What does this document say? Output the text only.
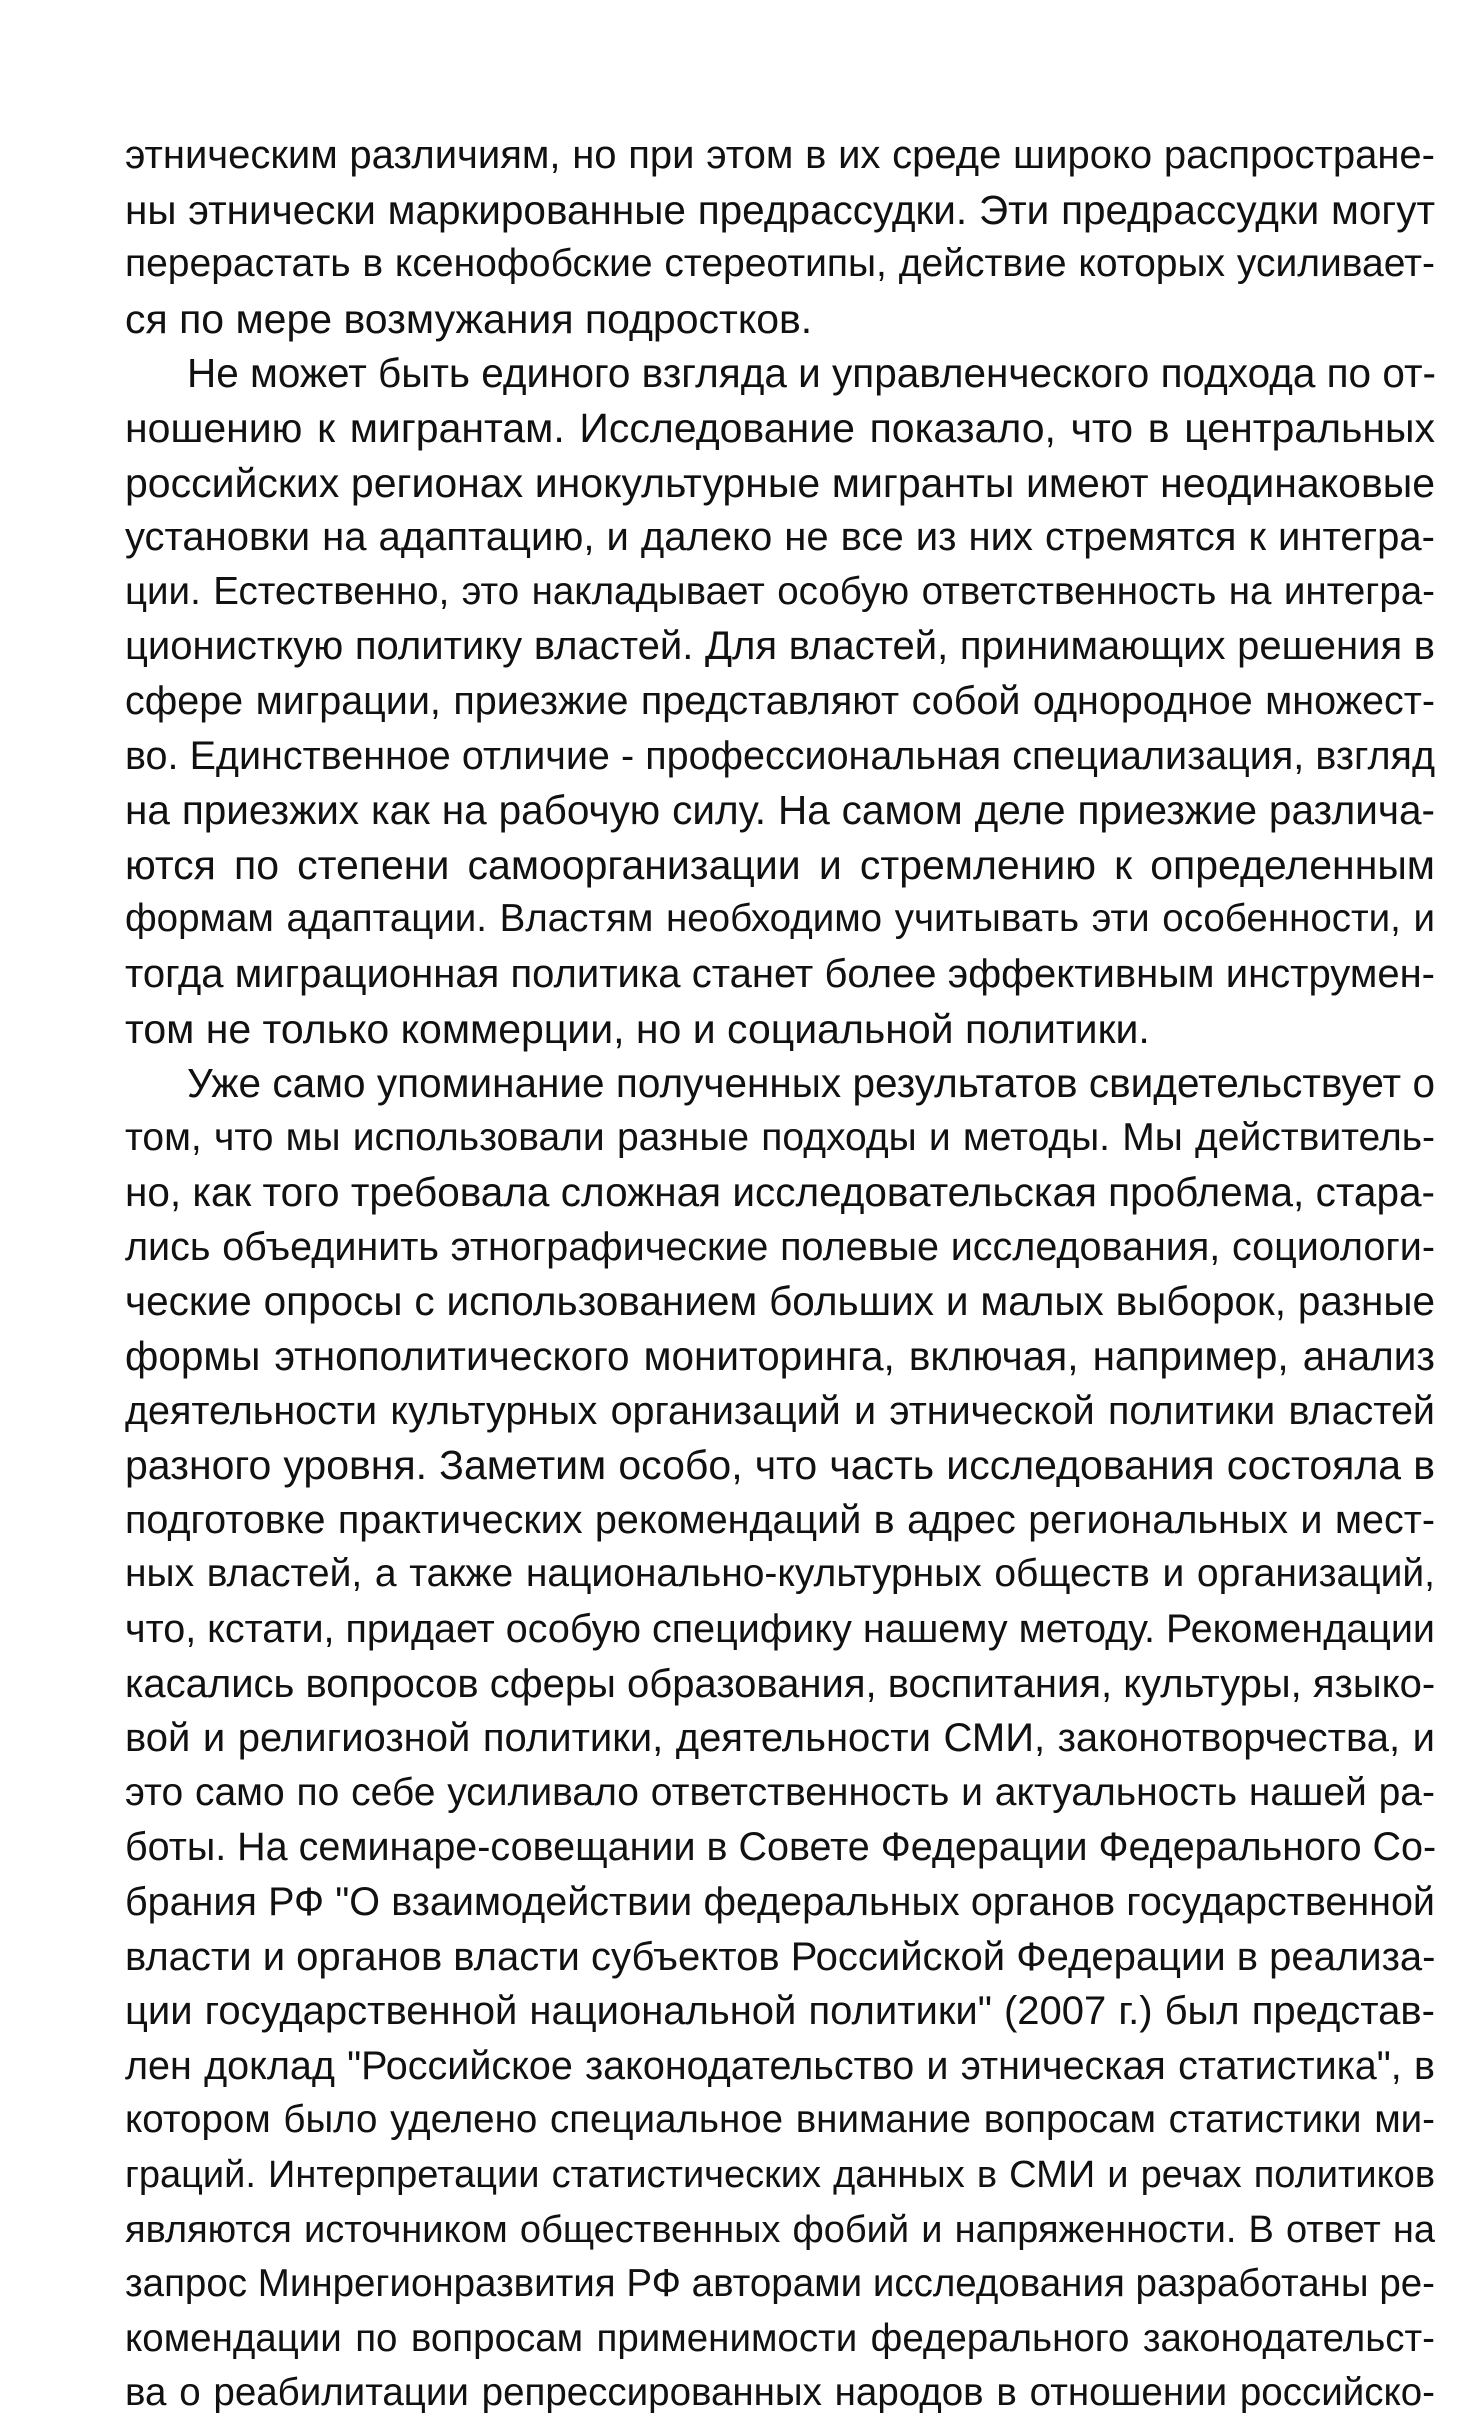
этническим различиям, но при этом в их среде широко распростране-
ны этнически маркированные предрассудки. Эти предрассудки могут
перерастать в ксенофобские стереотипы, действие которых усиливает-
ся по мере возмужания подростков.

Не может быть единого взгляда и управленческого подхода по от-
ношению к мигрантам. Исследование показало, что в центральных
российских регионах инокультурные мигранты имеют неодинаковые
установки на адаптацию, и далеко не все из них стремятся к интегра-
ции. Естественно, это накладывает особую ответственность на интегра-
ционисткую политику властей. Для властей, принимающих решения в
сфере миграции, приезжие представляют собой однородное множест-
во. Единственное отличие - профессиональная специализация, взгляд
на приезжих как на рабочую силу. На самом деле приезжие различа-
ются по степени самоорганизации и стремлению к определенным
формам адаптации. Властям необходимо учитывать эти особенности, и
тогда миграционная политика станет более эффективным инструмен-
том не только коммерции, но и социальной политики.

Уже само упоминание полученных результатов свидетельствует о
том, что мы использовали разные подходы и методы. Мы действитель-
но, как того требовала сложная исследовательская проблема, стара-
лись объединить этнографические полевые исследования, социологи-
ческие опросы с использованием больших и малых выборок, разные
формы этнополитического мониторинга, включая, например, анализ
деятельности культурных организаций и этнической политики властей
разного уровня. Заметим особо, что часть исследования состояла в
подготовке практических рекомендаций в адрес региональных и мест-
ных властей, а также национально-культурных обществ и организаций,
что, кстати, придает особую специфику нашему методу. Рекомендации
касались вопросов сферы образования, воспитания, культуры, языко-
вой и религиозной политики, деятельности СМИ, законотворчества, и
это само по себе усиливало ответственность и актуальность нашей ра-
боты. На семинаре-совещании в Совете Федерации Федерального Со-
брания РФ "О взаимодействии федеральных органов государственной
власти и органов власти субъектов Российской Федерации в реализа-
ции государственной национальной политики" (2007 г.) был представ-
лен доклад "Российское законодательство и этническая статистика", в
котором было уделено специальное внимание вопросам статистики ми-
граций. Интерпретации статистических данных в СМИ и речах политиков
являются источником общественных фобий и напряженности. В ответ на
запрос Минрегионразвития РФ авторами исследования разработаны ре-
комендации по вопросам применимости федерального законодательст-
ва о реабилитации репрессированных народов в отношении российско-
